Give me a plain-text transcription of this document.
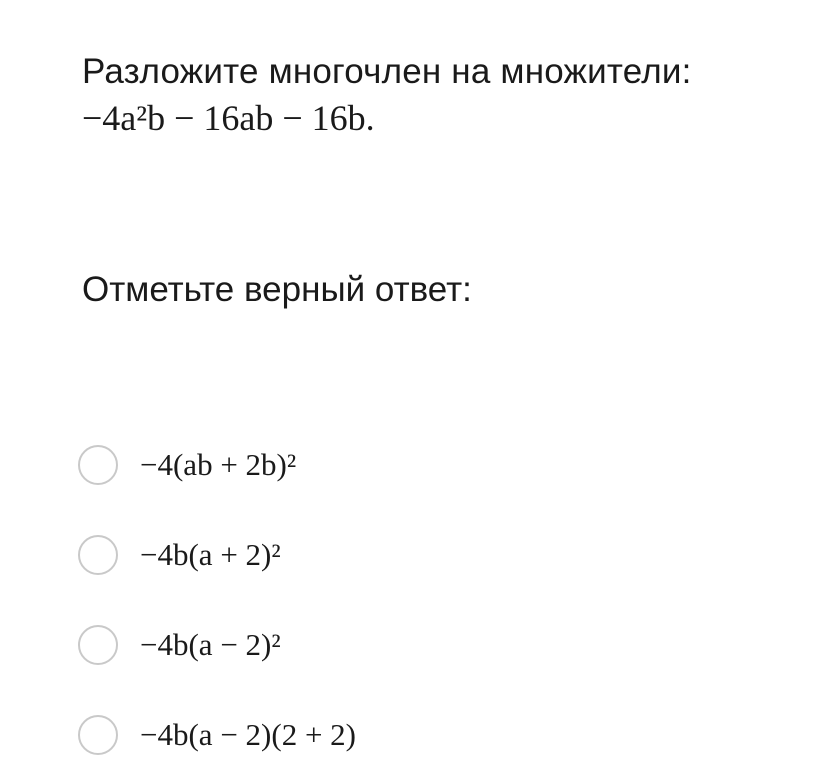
Разложите многочлен на множители:
−4a²b − 16ab − 16b.
Отметьте верный ответ:
−4(ab + 2b)²
−4b(a + 2)²
−4b(a − 2)²
−4b(a − 2)(2 + 2)
